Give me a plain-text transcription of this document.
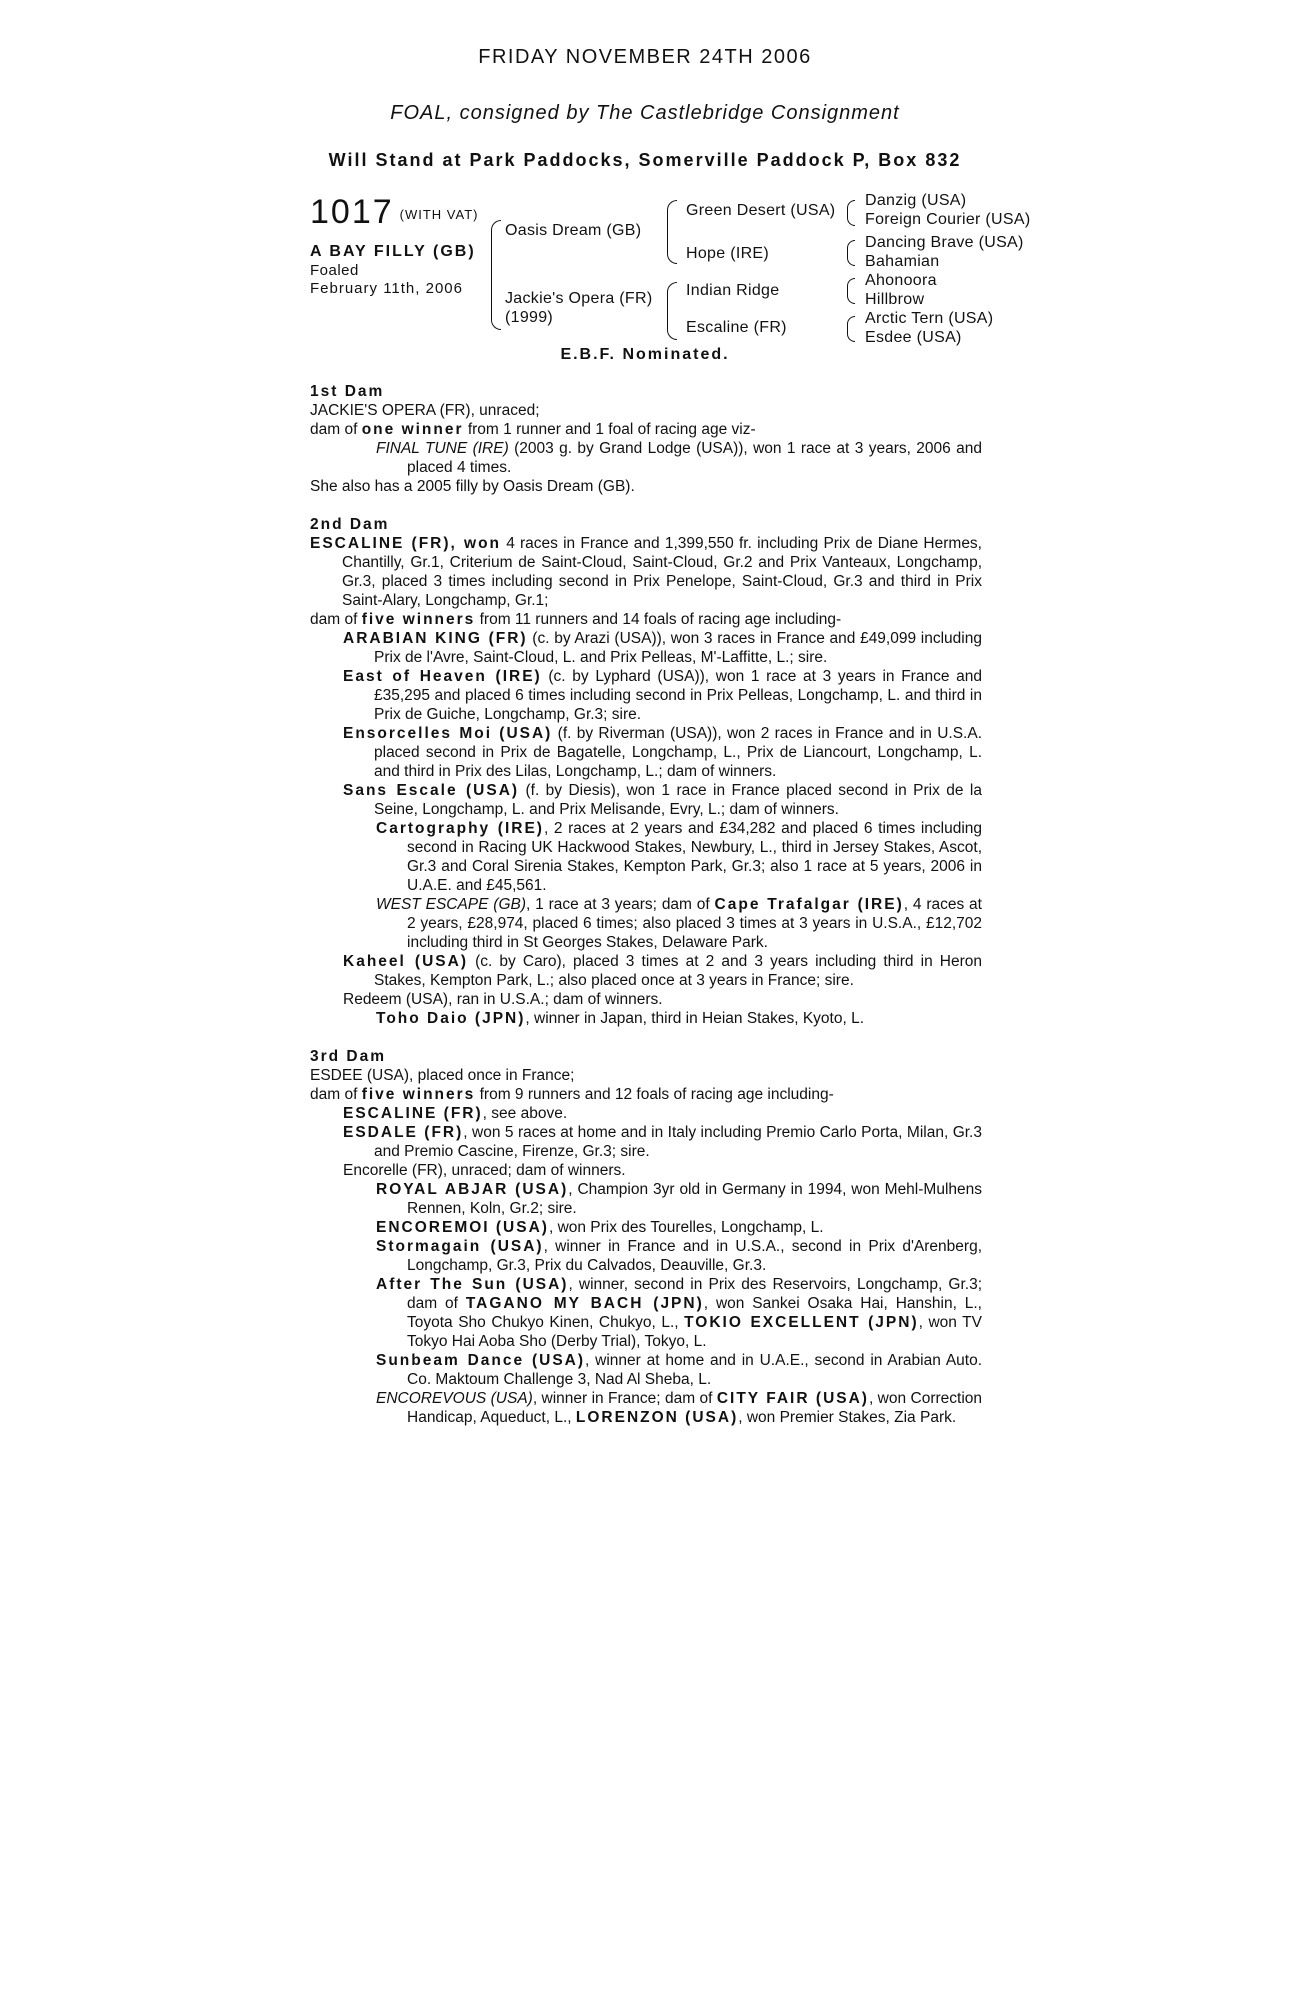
FRIDAY NOVEMBER 24TH 2006
FOAL, consigned by The Castlebridge Consignment
Will Stand at Park Paddocks, Somerville Paddock P, Box 832
1017 (WITH VAT)
A BAY FILLY (GB)
Foaled
February 11th, 2006
Oasis Dream (GB)
Jackie's Opera (FR)
(1999)
Green Desert (USA)
Hope (IRE)
Indian Ridge
Escaline (FR)
Danzig (USA)
Foreign Courier (USA)
Dancing Brave (USA)
Bahamian
Ahonoora
Hillbrow
Arctic Tern (USA)
Esdee (USA)
E.B.F. Nominated.

1st Dam

JACKIE'S OPERA (FR), unraced;

dam of one winner from 1 runner and 1 foal of racing age viz-

FINAL TUNE (IRE) (2003 g. by Grand Lodge (USA)), won 1 race at 3 years, 2006 and placed 4 times.

She also has a 2005 filly by Oasis Dream (GB).

2nd Dam

ESCALINE (FR), won 4 races in France and 1,399,550 fr. including Prix de Diane Hermes, Chantilly, Gr.1, Criterium de Saint-Cloud, Saint-Cloud, Gr.2 and Prix Vanteaux, Longchamp, Gr.3, placed 3 times including second in Prix Penelope, Saint-Cloud, Gr.3 and third in Prix Saint-Alary, Longchamp, Gr.1;

dam of five winners from 11 runners and 14 foals of racing age including-

ARABIAN KING (FR) (c. by Arazi (USA)), won 3 races in France and £49,099 including Prix de l'Avre, Saint-Cloud, L. and Prix Pelleas, M'-Laffitte, L.; sire.

East of Heaven (IRE) (c. by Lyphard (USA)), won 1 race at 3 years in France and £35,295 and placed 6 times including second in Prix Pelleas, Longchamp, L. and third in Prix de Guiche, Longchamp, Gr.3; sire.

Ensorcelles Moi (USA) (f. by Riverman (USA)), won 2 races in France and in U.S.A. placed second in Prix de Bagatelle, Longchamp, L., Prix de Liancourt, Longchamp, L. and third in Prix des Lilas, Longchamp, L.; dam of winners.

Sans Escale (USA) (f. by Diesis), won 1 race in France placed second in Prix de la Seine, Longchamp, L. and Prix Melisande, Evry, L.; dam of winners.

Cartography (IRE), 2 races at 2 years and £34,282 and placed 6 times including second in Racing UK Hackwood Stakes, Newbury, L., third in Jersey Stakes, Ascot, Gr.3 and Coral Sirenia Stakes, Kempton Park, Gr.3; also 1 race at 5 years, 2006 in U.A.E. and £45,561.

WEST ESCAPE (GB), 1 race at 3 years; dam of Cape Trafalgar (IRE), 4 races at 2 years, £28,974, placed 6 times; also placed 3 times at 3 years in U.S.A., £12,702 including third in St Georges Stakes, Delaware Park.

Kaheel (USA) (c. by Caro), placed 3 times at 2 and 3 years including third in Heron Stakes, Kempton Park, L.; also placed once at 3 years in France; sire.

Redeem (USA), ran in U.S.A.; dam of winners.

Toho Daio (JPN), winner in Japan, third in Heian Stakes, Kyoto, L.

3rd Dam

ESDEE (USA), placed once in France;

dam of five winners from 9 runners and 12 foals of racing age including-

ESCALINE (FR), see above.

ESDALE (FR), won 5 races at home and in Italy including Premio Carlo Porta, Milan, Gr.3 and Premio Cascine, Firenze, Gr.3; sire.

Encorelle (FR), unraced; dam of winners.

ROYAL ABJAR (USA), Champion 3yr old in Germany in 1994, won Mehl-Mulhens Rennen, Koln, Gr.2; sire.

ENCOREMOI (USA), won Prix des Tourelles, Longchamp, L.

Stormagain (USA), winner in France and in U.S.A., second in Prix d'Arenberg, Longchamp, Gr.3, Prix du Calvados, Deauville, Gr.3.

After The Sun (USA), winner, second in Prix des Reservoirs, Longchamp, Gr.3; dam of TAGANO MY BACH (JPN), won Sankei Osaka Hai, Hanshin, L., Toyota Sho Chukyo Kinen, Chukyo, L., TOKIO EXCELLENT (JPN), won TV Tokyo Hai Aoba Sho (Derby Trial), Tokyo, L.

Sunbeam Dance (USA), winner at home and in U.A.E., second in Arabian Auto. Co. Maktoum Challenge 3, Nad Al Sheba, L.

ENCOREVOUS (USA), winner in France; dam of CITY FAIR (USA), won Correction Handicap, Aqueduct, L., LORENZON (USA), won Premier Stakes, Zia Park.
